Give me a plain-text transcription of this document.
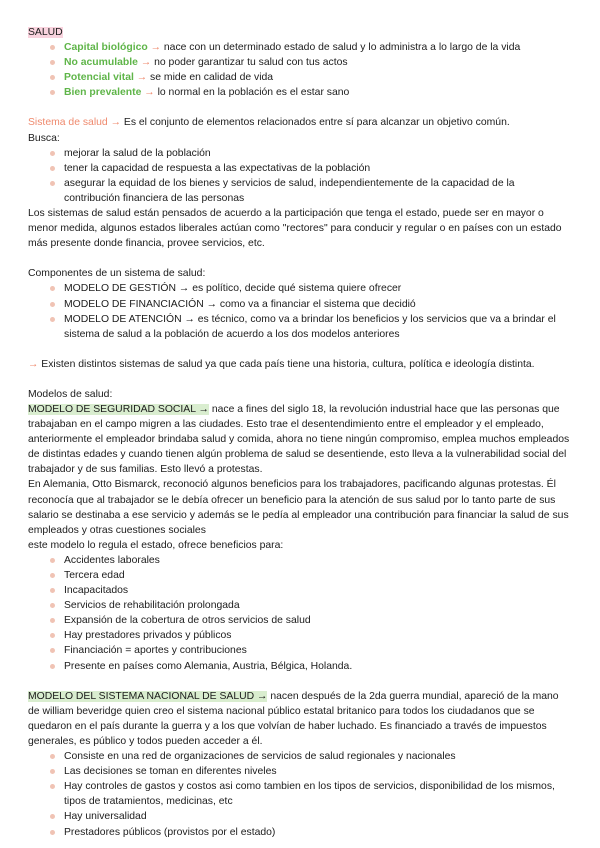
SALUD

Capital biológico → nace con un determinado estado de salud y lo administra a lo largo de la vida
No acumulable → no poder garantizar tu salud con tus actos
Potencial vital → se mide en calidad de vida
Bien prevalente → lo normal en la población es el estar sano

Sistema de salud → Es el conjunto de elementos relacionados entre sí para alcanzar un objetivo común.

Busca:

mejorar la salud de la población
tener la capacidad de respuesta a las expectativas de la población
asegurar la equidad de los bienes y servicios de salud, independientemente de la capacidad de la contribución financiera de las personas

Los sistemas de salud están pensados de acuerdo a la participación que tenga el estado, puede ser en mayor o menor medida, algunos estados liberales actúan como "rectores" para conducir y regular o en países con un estado más presente donde financia, provee servicios, etc.

Componentes de un sistema de salud:

MODELO DE GESTIÓN → es político, decide qué sistema quiere ofrecer
MODELO DE FINANCIACIÓN → como va a financiar el sistema que decidió
MODELO DE ATENCIÓN → es técnico, como va a brindar los beneficios y los servicios que va a brindar el sistema de salud a la población de acuerdo a los dos modelos anteriores

→ Existen distintos sistemas de salud ya que cada país tiene una historia, cultura, política e ideología distinta.

Modelos de salud:

MODELO DE SEGURIDAD SOCIAL → nace a fines del siglo 18, la revolución industrial hace que las personas que trabajaban en el campo migren a las ciudades. Esto trae el desentendimiento entre el empleador y el empleado, anteriormente el empleador brindaba salud y comida, ahora no tiene ningún compromiso, emplea muchos empleados de distintas edades y cuando tienen algún problema de salud se desentiende, esto lleva a la vulnerabilidad social del trabajador y de sus familias. Esto llevó a protestas.

En Alemania, Otto Bismarck, reconoció algunos beneficios para los trabajadores, pacificando algunas protestas. Él reconocía que al trabajador se le debía ofrecer un beneficio para la atención de sus salud por lo tanto parte de sus salario se destinaba a ese servicio y además se le pedía al empleador una contribución para financiar la salud de sus empleados y otras cuestiones sociales

este modelo lo regula el estado, ofrece beneficios para:

Accidentes laborales
Tercera edad
Incapacitados
Servicios de rehabilitación prolongada
Expansión de la cobertura de otros servicios de salud
Hay prestadores privados y públicos
Financiación = aportes y contribuciones
Presente en países como Alemania, Austria, Bélgica, Holanda.

MODELO DEL SISTEMA NACIONAL DE SALUD → nacen después de la 2da guerra mundial, apareció de la mano de william beveridge quien creo el sistema nacional público estatal britanico para todos los ciudadanos que se quedaron en el país durante la guerra y a los que volvían de haber luchado. Es financiado a través de impuestos generales, es público y todos pueden acceder a él.

Consiste en una red de organizaciones de servicios de salud regionales y nacionales
Las decisiones se toman en diferentes niveles
Hay controles de gastos y costos asi como tambien en los tipos de servicios, disponibilidad de los mismos, tipos de tratamientos, medicinas, etc
Hay universalidad
Prestadores públicos (provistos por el estado)
